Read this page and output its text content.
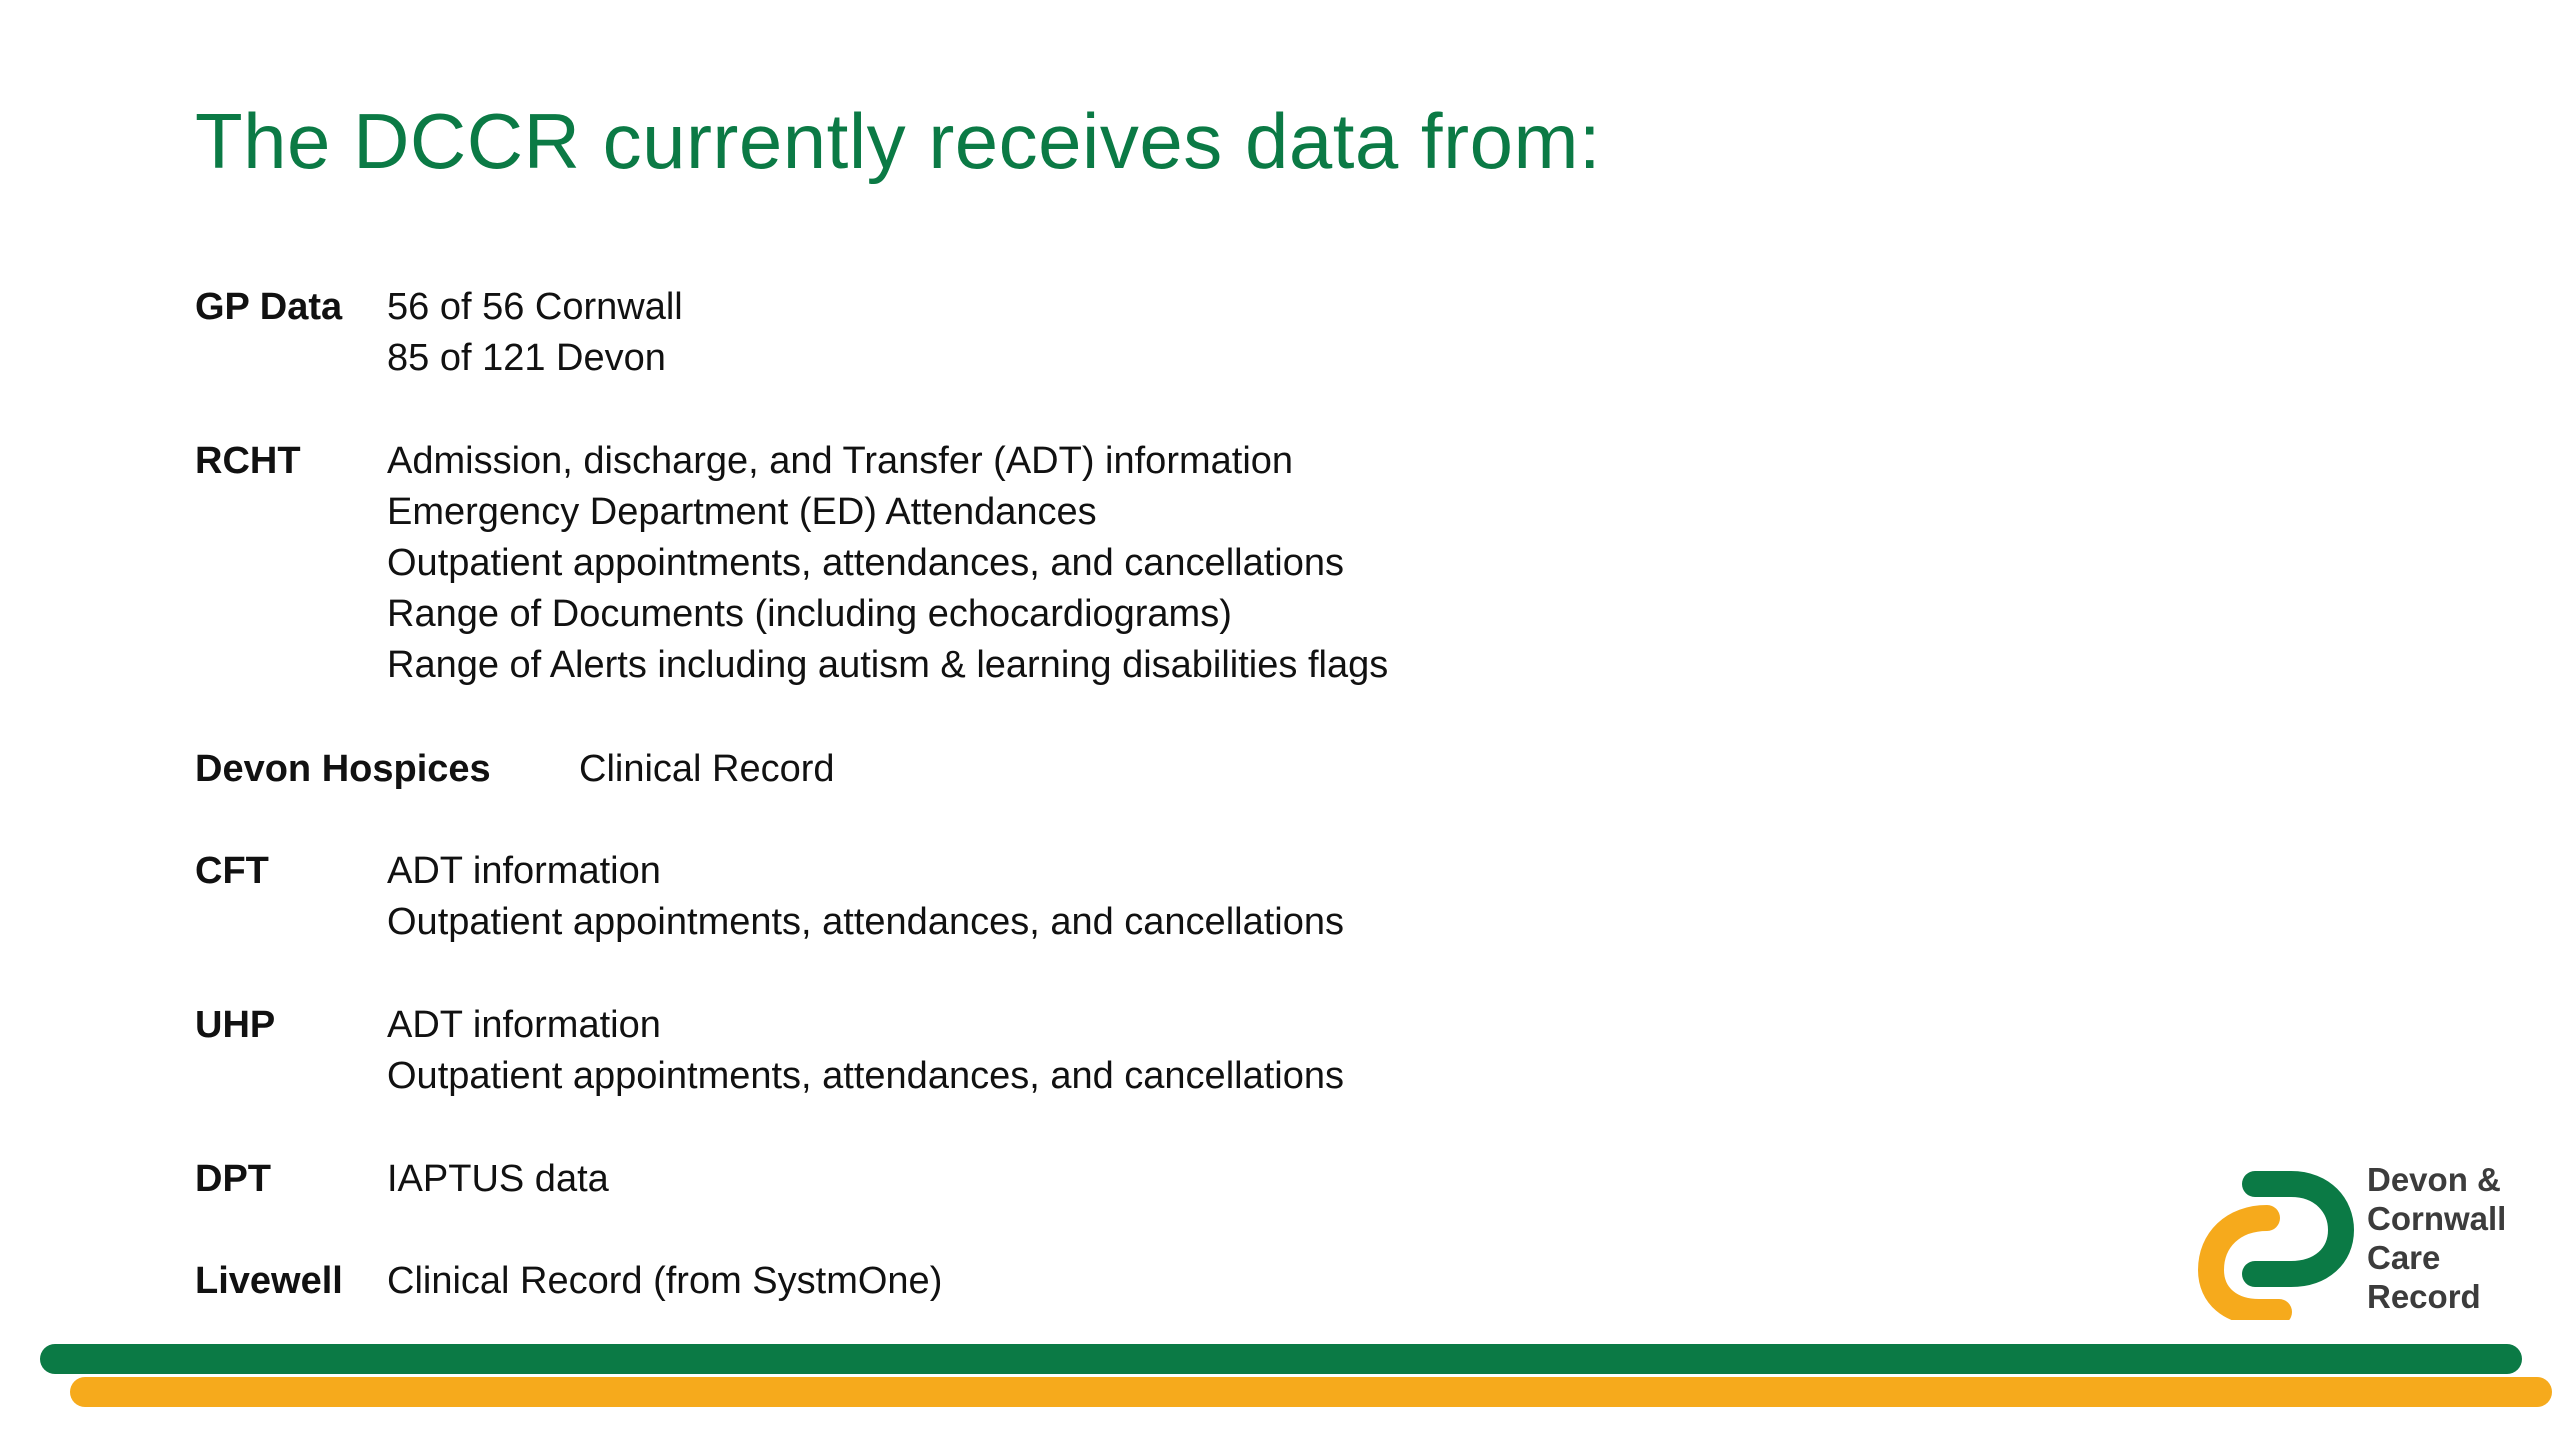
The DCCR currently receives data from:
GP Data 56 of 56 Cornwall
85 of 121 Devon
RCHT Admission, discharge, and Transfer (ADT) information
Emergency Department (ED) Attendances
Outpatient appointments, attendances, and cancellations
Range of Documents (including echocardiograms)
Range of Alerts including autism & learning disabilities flags
Devon Hospices Clinical Record
CFT	ADT information
Outpatient appointments, attendances, and cancellations
UHP	ADT information
Outpatient appointments, attendances, and cancellations
DPT	IAPTUS data
Livewell Clinical Record (from SystmOne)
Devon &
Cornwall
Care
Record
